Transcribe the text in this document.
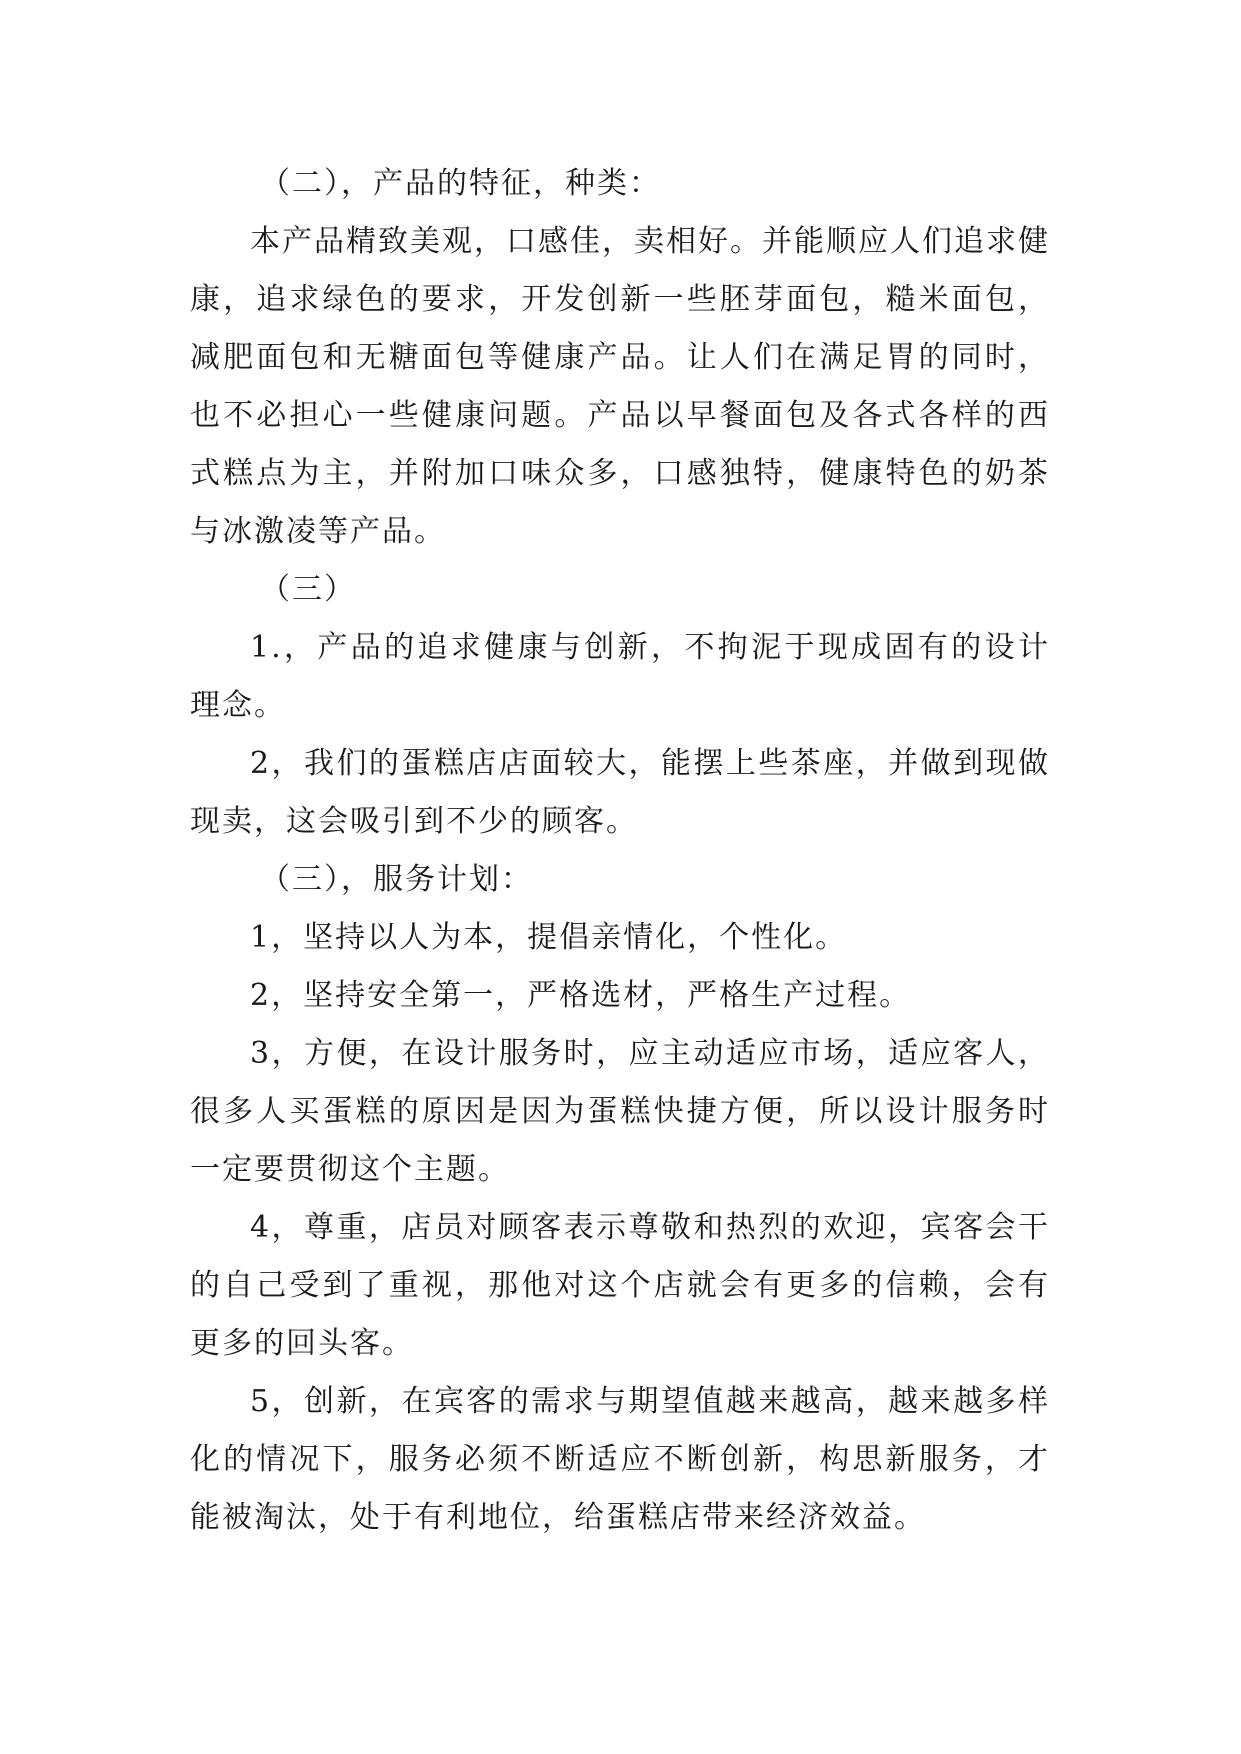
（二），产品的特征，种类：

本产品精致美观，口感佳，卖相好。并能顺应人们追求健康，追求绿色的要求，开发创新一些胚芽面包，糙米面包，减肥面包和无糖面包等健康产品。让人们在满足胃的同时，也不必担心一些健康问题。产品以早餐面包及各式各样的西式糕点为主，并附加口味众多，口感独特，健康特色的奶茶与冰激凌等产品。

（三）

1.，产品的追求健康与创新，不拘泥于现成固有的设计理念。

2，我们的蛋糕店店面较大，能摆上些茶座，并做到现做现卖，这会吸引到不少的顾客。

（三），服务计划：

1，坚持以人为本，提倡亲情化，个性化。

2，坚持安全第一，严格选材，严格生产过程。

3，方便，在设计服务时，应主动适应市场，适应客人，很多人买蛋糕的原因是因为蛋糕快捷方便，所以设计服务时一定要贯彻这个主题。

4，尊重，店员对顾客表示尊敬和热烈的欢迎，宾客会干的自己受到了重视，那他对这个店就会有更多的信赖，会有更多的回头客。

5，创新，在宾客的需求与期望值越来越高，越来越多样化的情况下，服务必须不断适应不断创新，构思新服务，才能被淘汰，处于有利地位，给蛋糕店带来经济效益。
